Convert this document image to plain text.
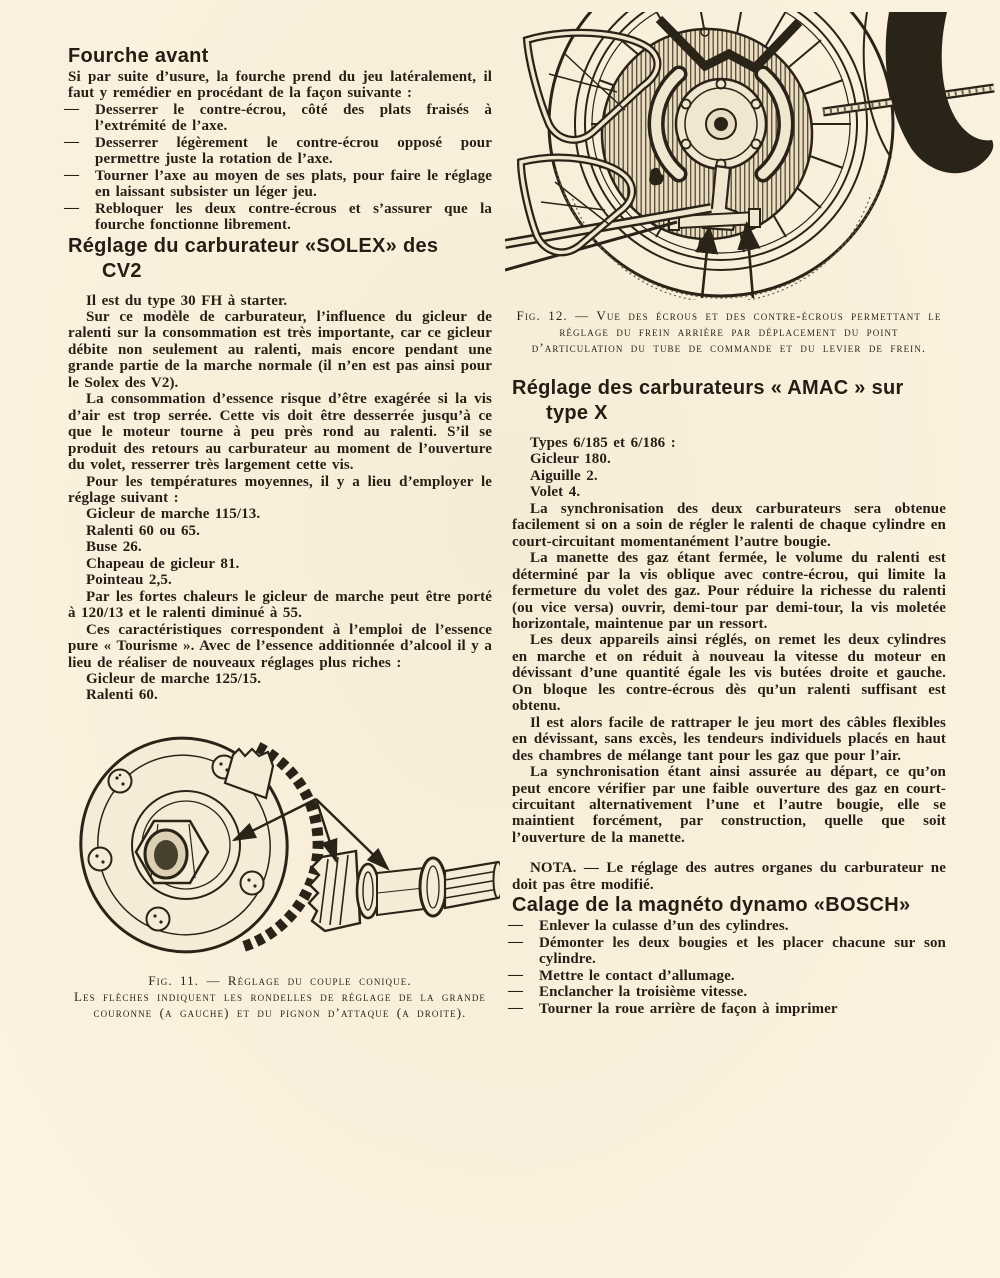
Fourche avant

Si par suite d’usure, la fourche prend du jeu latéralement, il faut y remédier en procédant de la façon suivante :

— Desserrer le contre-écrou, côté des plats fraisés à l’extrémité de l’axe.
— Desserrer légèrement le contre-écrou opposé pour permettre juste la rotation de l’axe.
— Tourner l’axe au moyen de ses plats, pour faire le réglage en laissant subsister un léger jeu.
— Rebloquer les deux contre-écrous et s’assurer que la fourche fonctionne librement.
Réglage du carburateur «SOLEX» des
CV2

Il est du type 30 FH à starter.

Sur ce modèle de carburateur, l’influence du gicleur de ralenti sur la consommation est très importante, car ce gicleur débite non seulement au ralenti, mais encore pendant une grande partie de la marche normale (il n’en est pas ainsi pour le Solex des V2).

La consommation d’essence risque d’être exagérée si la vis d’air est trop serrée. Cette vis doit être desserrée jusqu’à ce que le moteur tourne à peu près rond au ralenti. S’il se produit des retours au carburateur au moment de l’ouverture du volet, resserrer très largement cette vis.

Pour les températures moyennes, il y a lieu d’employer le réglage suivant :

Gicleur de marche 115/13.
Ralenti 60 ou 65.
Buse 26.
Chapeau de gicleur 81.
Pointeau 2,5.

Par les fortes chaleurs le gicleur de marche peut être porté à 120/13 et le ralenti diminué à 55.

Ces caractéristiques correspondent à l’emploi de l’essence pure « Tourisme ». Avec de l’essence additionnée d’alcool il y a lieu de réaliser de nouveaux réglages plus riches :

Gicleur de marche 125/15.
Ralenti 60.
Fig. 11. — Réglage du couple conique.
Les flèches indiquent les rondelles de réglage de la grande couronne (a gauche) et du pignon d’attaque (a droite).
Fig. 12. — Vue des écrous et des contre-écrous permettant le réglage du frein arrière par déplacement du point d’articulation du tube de commande et du levier de frein.
Réglage des carburateurs « AMAC » sur
type X
Types 6/185 et 6/186 :
Gicleur 180.
Aiguille 2.
Volet 4.

La synchronisation des deux carburateurs sera obtenue facilement si on a soin de régler le ralenti de chaque cylindre en court-circuitant momentanément l’autre bougie.

La manette des gaz étant fermée, le volume du ralenti est déterminé par la vis oblique avec contre-écrou, qui limite la fermeture du volet des gaz. Pour réduire la richesse du ralenti (ou vice versa) ouvrir, demi-tour par demi-tour, la vis moletée horizontale, maintenue par un ressort.

Les deux appareils ainsi réglés, on remet les deux cylindres en marche et on réduit à nouveau la vitesse du moteur en dévissant d’une quantité égale les vis butées droite et gauche. On bloque les contre-écrous dès qu’un ralenti suffisant est obtenu.

Il est alors facile de rattraper le jeu mort des câbles flexibles en dévissant, sans excès, les tendeurs individuels placés en haut des chambres de mélange tant pour les gaz que pour l’air.

La synchronisation étant ainsi assurée au départ, ce qu’on peut encore vérifier par une faible ouverture des gaz en court-circuitant alternativement l’une et l’autre bougie, elle se maintient forcément, par construction, quelle que soit l’ouverture de la manette.

NOTA. — Le réglage des autres organes du carburateur ne doit pas être modifié.

Calage de la magnéto dynamo «BOSCH»
— Enlever la culasse d’un des cylindres.
— Démonter les deux bougies et les placer chacune sur son cylindre.
— Mettre le contact d’allumage.
— Enclancher la troisième vitesse.
— Tourner la roue arrière de façon à imprimer
